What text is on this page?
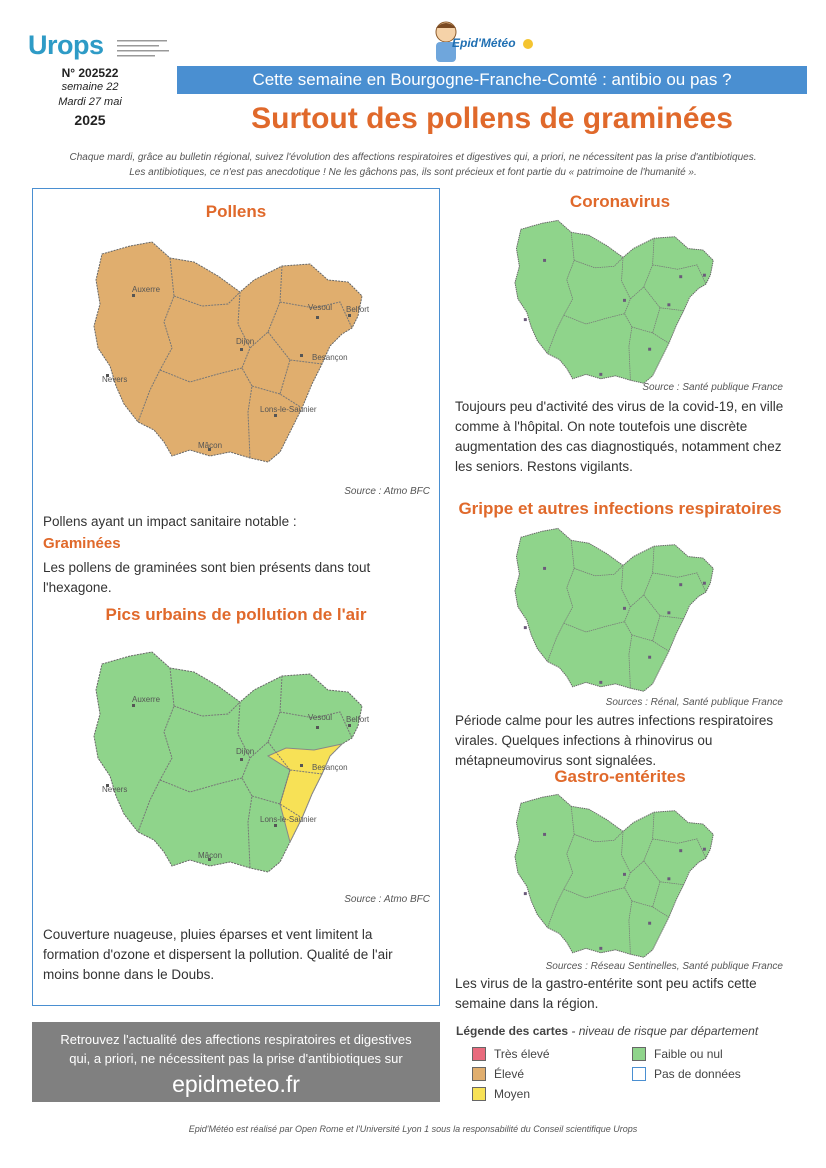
Urops	Epid'Météo
N° 202522
semaine 22
Mardi 27 mai
2025
Cette semaine en Bourgogne-Franche-Comté : antibio ou pas ?
Surtout des pollens de graminées
Chaque mardi, grâce au bulletin régional, suivez l'évolution des affections respiratoires et digestives qui, a priori, ne nécessitent pas la prise d'antibiotiques.
Les antibiotiques, ce n'est pas anecdotique ! Ne les gâchons pas, ils sont précieux et font partie du « patrimoine de l'humanité ».
Pollens
Auxerre
Vesoul Belfort
Dijon
Besançon
Nevers
Lons-le-Saunier
Mâcon
Source : Atmo BFC
Pollens ayant un impact sanitaire notable :
Graminées
Les pollens de graminées sont bien présents dans tout l'hexagone.
Pics urbains de pollution de l'air
Auxerre
Vesoul Belfort
Dijon
Besançon
Nevers
Lons-le-Saunier
Mâcon
Source : Atmo BFC
Couverture nuageuse, pluies éparses et vent limitent la formation d'ozone et dispersent la pollution. Qualité de l'air moins bonne dans le Doubs.
Coronavirus
Source : Santé publique France
Toujours peu d'activité des virus de la covid-19, en ville comme à l'hôpital. On note toutefois une discrète augmentation des cas diagnostiqués, notamment chez les seniors. Restons vigilants.
Grippe et autres infections respiratoires
Sources : Rénal, Santé publique France
Période calme pour les autres infections respiratoires virales. Quelques infections à rhinovirus ou métapneumovirus sont signalées.
Gastro-entérites
Sources : Réseau Sentinelles, Santé publique France
Les virus de la gastro-entérite sont peu actifs cette semaine dans la région.
Retrouvez l'actualité des affections respiratoires et digestives
qui, a priori, ne nécessitent pas la prise d'antibiotiques sur
epidmeteo.fr
Légende des cartes - niveau de risque par département
Très élevé
Élevé
Moyen
Faible ou nul
Pas de données
Epid'Météo est réalisé par Open Rome et l'Université Lyon 1 sous la responsabilité du Conseil scientifique Urops
